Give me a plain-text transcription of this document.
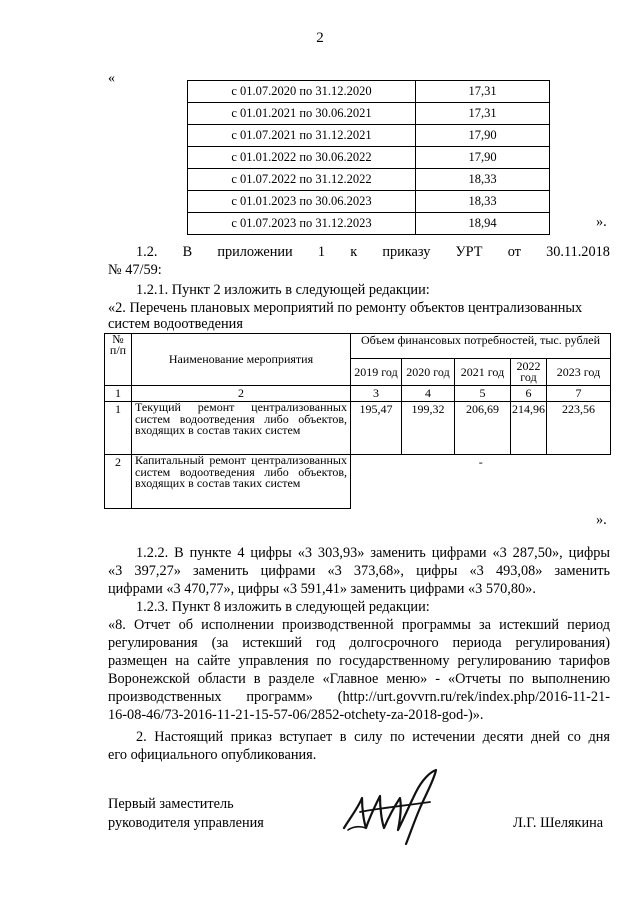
2
«
с 01.07.2020 по 31.12.2020	17,31
с 01.01.2021 по 30.06.2021	17,31
с 01.07.2021 по 31.12.2021	17,90
с 01.01.2022 по 30.06.2022	17,90
с 01.07.2022 по 31.12.2022	18,33
с 01.01.2023 по 30.06.2023	18,33
с 01.07.2023 по 31.12.2023	18,94	».
1.2. В приложении 1 к приказу УРТ от 30.11.2018
№ 47/59:
1.2.1. Пункт 2 изложить в следующей редакции:
«2. Перечень плановых мероприятий по ремонту объектов централизованных
систем водоотведения
№ п/п	Наименование мероприятия	Объем финансовых потребностей, тыс. рублей				
		2019 год	2020 год	2021 год	2022 год	2023 год
1	2	3	4	5	6	7
1	Текущий ремонт централизованных систем водоотведения либо объектов, входящих в состав таких систем	195,47	199,32	206,69	214,96	223,56
2	Капитальный ремонт централизованных систем водоотведения либо объектов, входящих в состав таких систем	-				
».
1.2.2. В пункте 4 цифры «3 303,93» заменить цифрами «3 287,50», цифры
«3 397,27» заменить цифрами «3 373,68», цифры «3 493,08» заменить
цифрами «3 470,77», цифры «3 591,41» заменить цифрами «3 570,80».
1.2.3. Пункт 8 изложить в следующей редакции:
«8. Отчет об исполнении производственной программы за истекший период
регулирования (за истекший год долгосрочного периода регулирования)
размещен на сайте управления по государственному регулированию тарифов
Воронежской области в разделе «Главное меню» - «Отчеты по выполнению
производственных программ» (http://urt.govvrn.ru/rek/index.php/2016-11-21-
16-08-46/73-2016-11-21-15-57-06/2852-otchety-za-2018-god-)».
2. Настоящий приказ вступает в силу по истечении десяти дней со дня
его официального опубликования.
Первый заместитель
руководителя управления	Л.Г. Шелякина
